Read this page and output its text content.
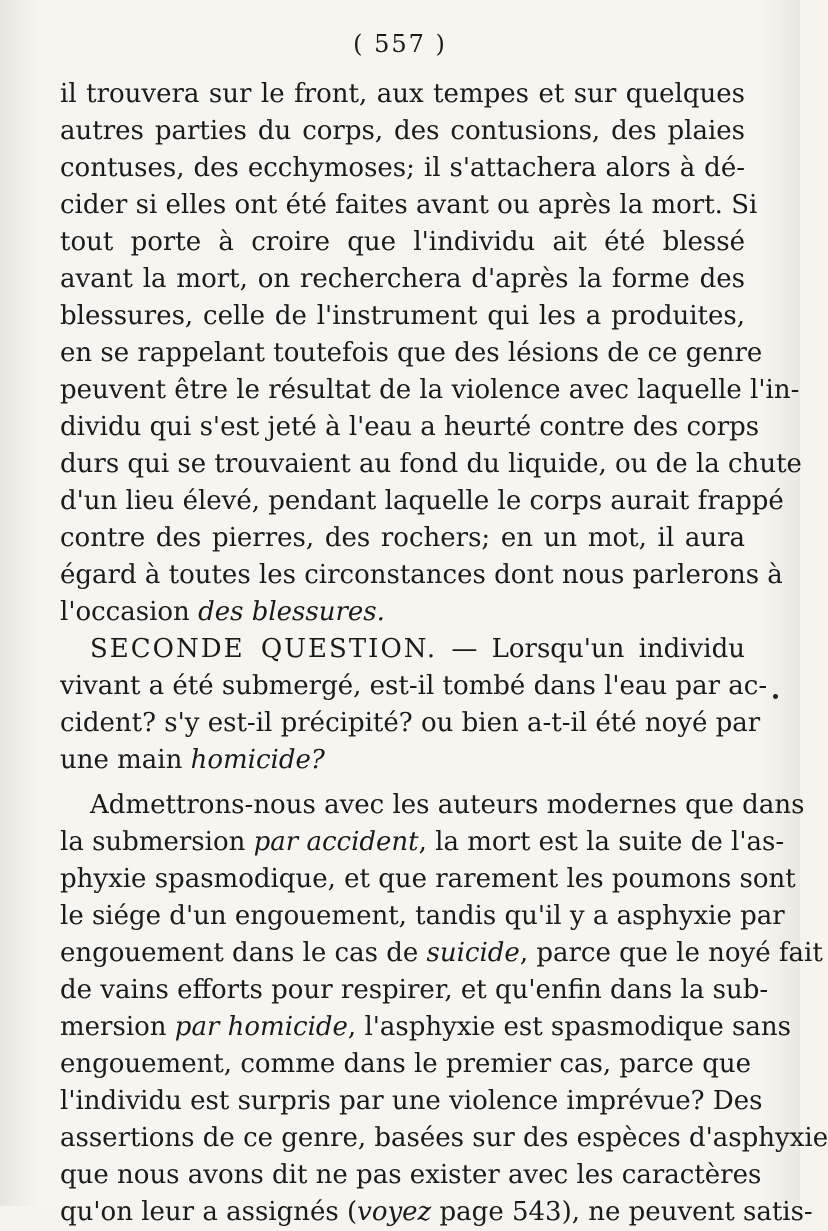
( 557 )
il trouvera sur le front, aux tempes et sur quelques
autres parties du corps, des contusions, des plaies
contuses, des ecchymoses; il s'attachera alors à dé-
cider si elles ont été faites avant ou après la mort. Si
tout porte à croire que l'individu ait été blessé
avant la mort, on recherchera d'après la forme des
blessures, celle de l'instrument qui les a produites,
en se rappelant toutefois que des lésions de ce genre
peuvent être le résultat de la violence avec laquelle l'in-
dividu qui s'est jeté à l'eau a heurté contre des corps
durs qui se trouvaient au fond du liquide, ou de la chute
d'un lieu élevé, pendant laquelle le corps aurait frappé
contre des pierres, des rochers; en un mot, il aura
égard à toutes les circonstances dont nous parlerons à
l'occasion des blessures.
SECONDE QUESTION. — Lorsqu'un individu
vivant a été submergé, est-il tombé dans l'eau par ac-
cident? s'y est-il précipité? ou bien a-t-il été noyé par
une main homicide?
Admettrons-nous avec les auteurs modernes que dans
la submersion par accident, la mort est la suite de l'as-
phyxie spasmodique, et que rarement les poumons sont
le siége d'un engouement, tandis qu'il y a asphyxie par
engouement dans le cas de suicide, parce que le noyé fait
de vains efforts pour respirer, et qu'enfin dans la sub-
mersion par homicide, l'asphyxie est spasmodique sans
engouement, comme dans le premier cas, parce que
l'individu est surpris par une violence imprévue? Des
assertions de ce genre, basées sur des espèces d'asphyxie
que nous avons dit ne pas exister avec les caractères
qu'on leur a assignés (voyez page 543), ne peuvent satis-
